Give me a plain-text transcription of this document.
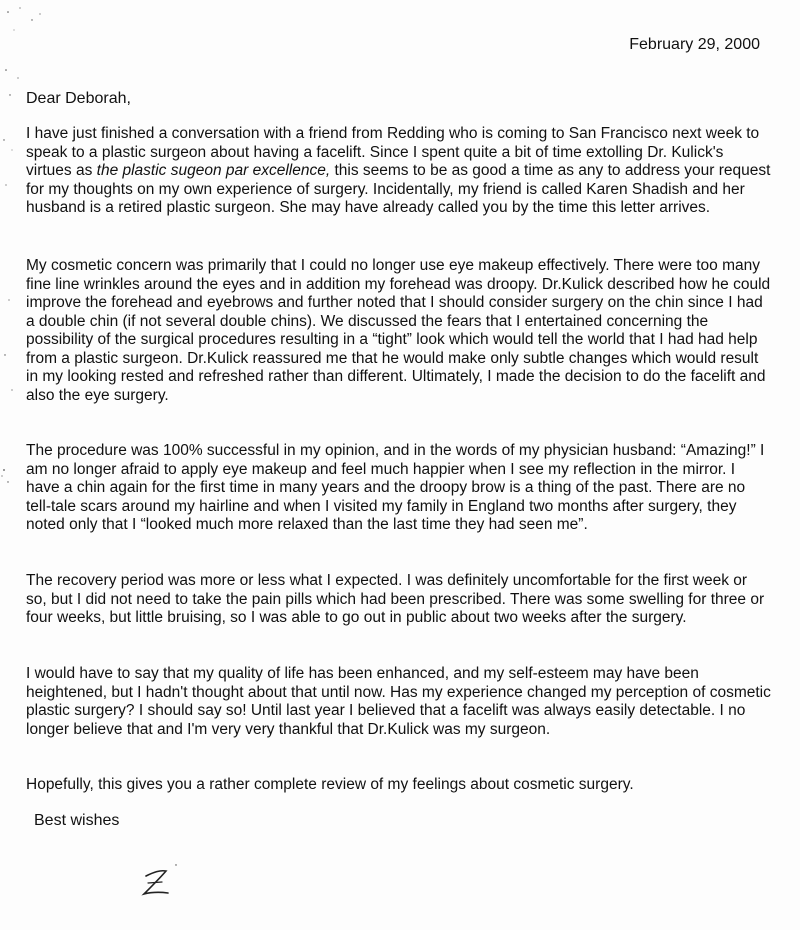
February 29, 2000
Dear Deborah,

I have just finished a conversation with a friend from Redding who is coming to San Francisco next week to speak to a plastic surgeon about having a facelift. Since I spent quite a bit of time extolling Dr. Kulick's virtues as the plastic sugeon par excellence, this seems to be as good a time as any to address your request for my thoughts on my own experience of surgery. Incidentally, my friend is called Karen Shadish and her husband is a retired plastic surgeon. She may have already called you by the time this letter arrives.

My cosmetic concern was primarily that I could no longer use eye makeup effectively. There were too many fine line wrinkles around the eyes and in addition my forehead was droopy. Dr.Kulick described how he could improve the forehead and eyebrows and further noted that I should consider surgery on the chin since I had a double chin (if not several double chins). We discussed the fears that I entertained concerning the possibility of the surgical procedures resulting in a “tight” look which would tell the world that I had had help from a plastic surgeon. Dr.Kulick reassured me that he would make only subtle changes which would result in my looking rested and refreshed rather than different. Ultimately, I made the decision to do the facelift and also the eye surgery.

The procedure was 100% successful in my opinion, and in the words of my physician husband: “Amazing!” I am no longer afraid to apply eye makeup and feel much happier when I see my reflection in the mirror. I have a chin again for the first time in many years and the droopy brow is a thing of the past. There are no tell-tale scars around my hairline and when I visited my family in England two months after surgery, they noted only that I “looked much more relaxed than the last time they had seen me”.

The recovery period was more or less what I expected. I was definitely uncomfortable for the first week or so, but I did not need to take the pain pills which had been prescribed. There was some swelling for three or four weeks, but little bruising, so I was able to go out in public about two weeks after the surgery.

I would have to say that my quality of life has been enhanced, and my self-esteem may have been heightened, but I hadn't thought about that until now. Has my experience changed my perception of cosmetic plastic surgery? I should say so! Until last year I believed that a facelift was always easily detectable. I no longer believe that and I'm very very thankful that Dr.Kulick was my surgeon.

Hopefully, this gives you a rather complete review of my feelings about cosmetic surgery.

Best wishes
